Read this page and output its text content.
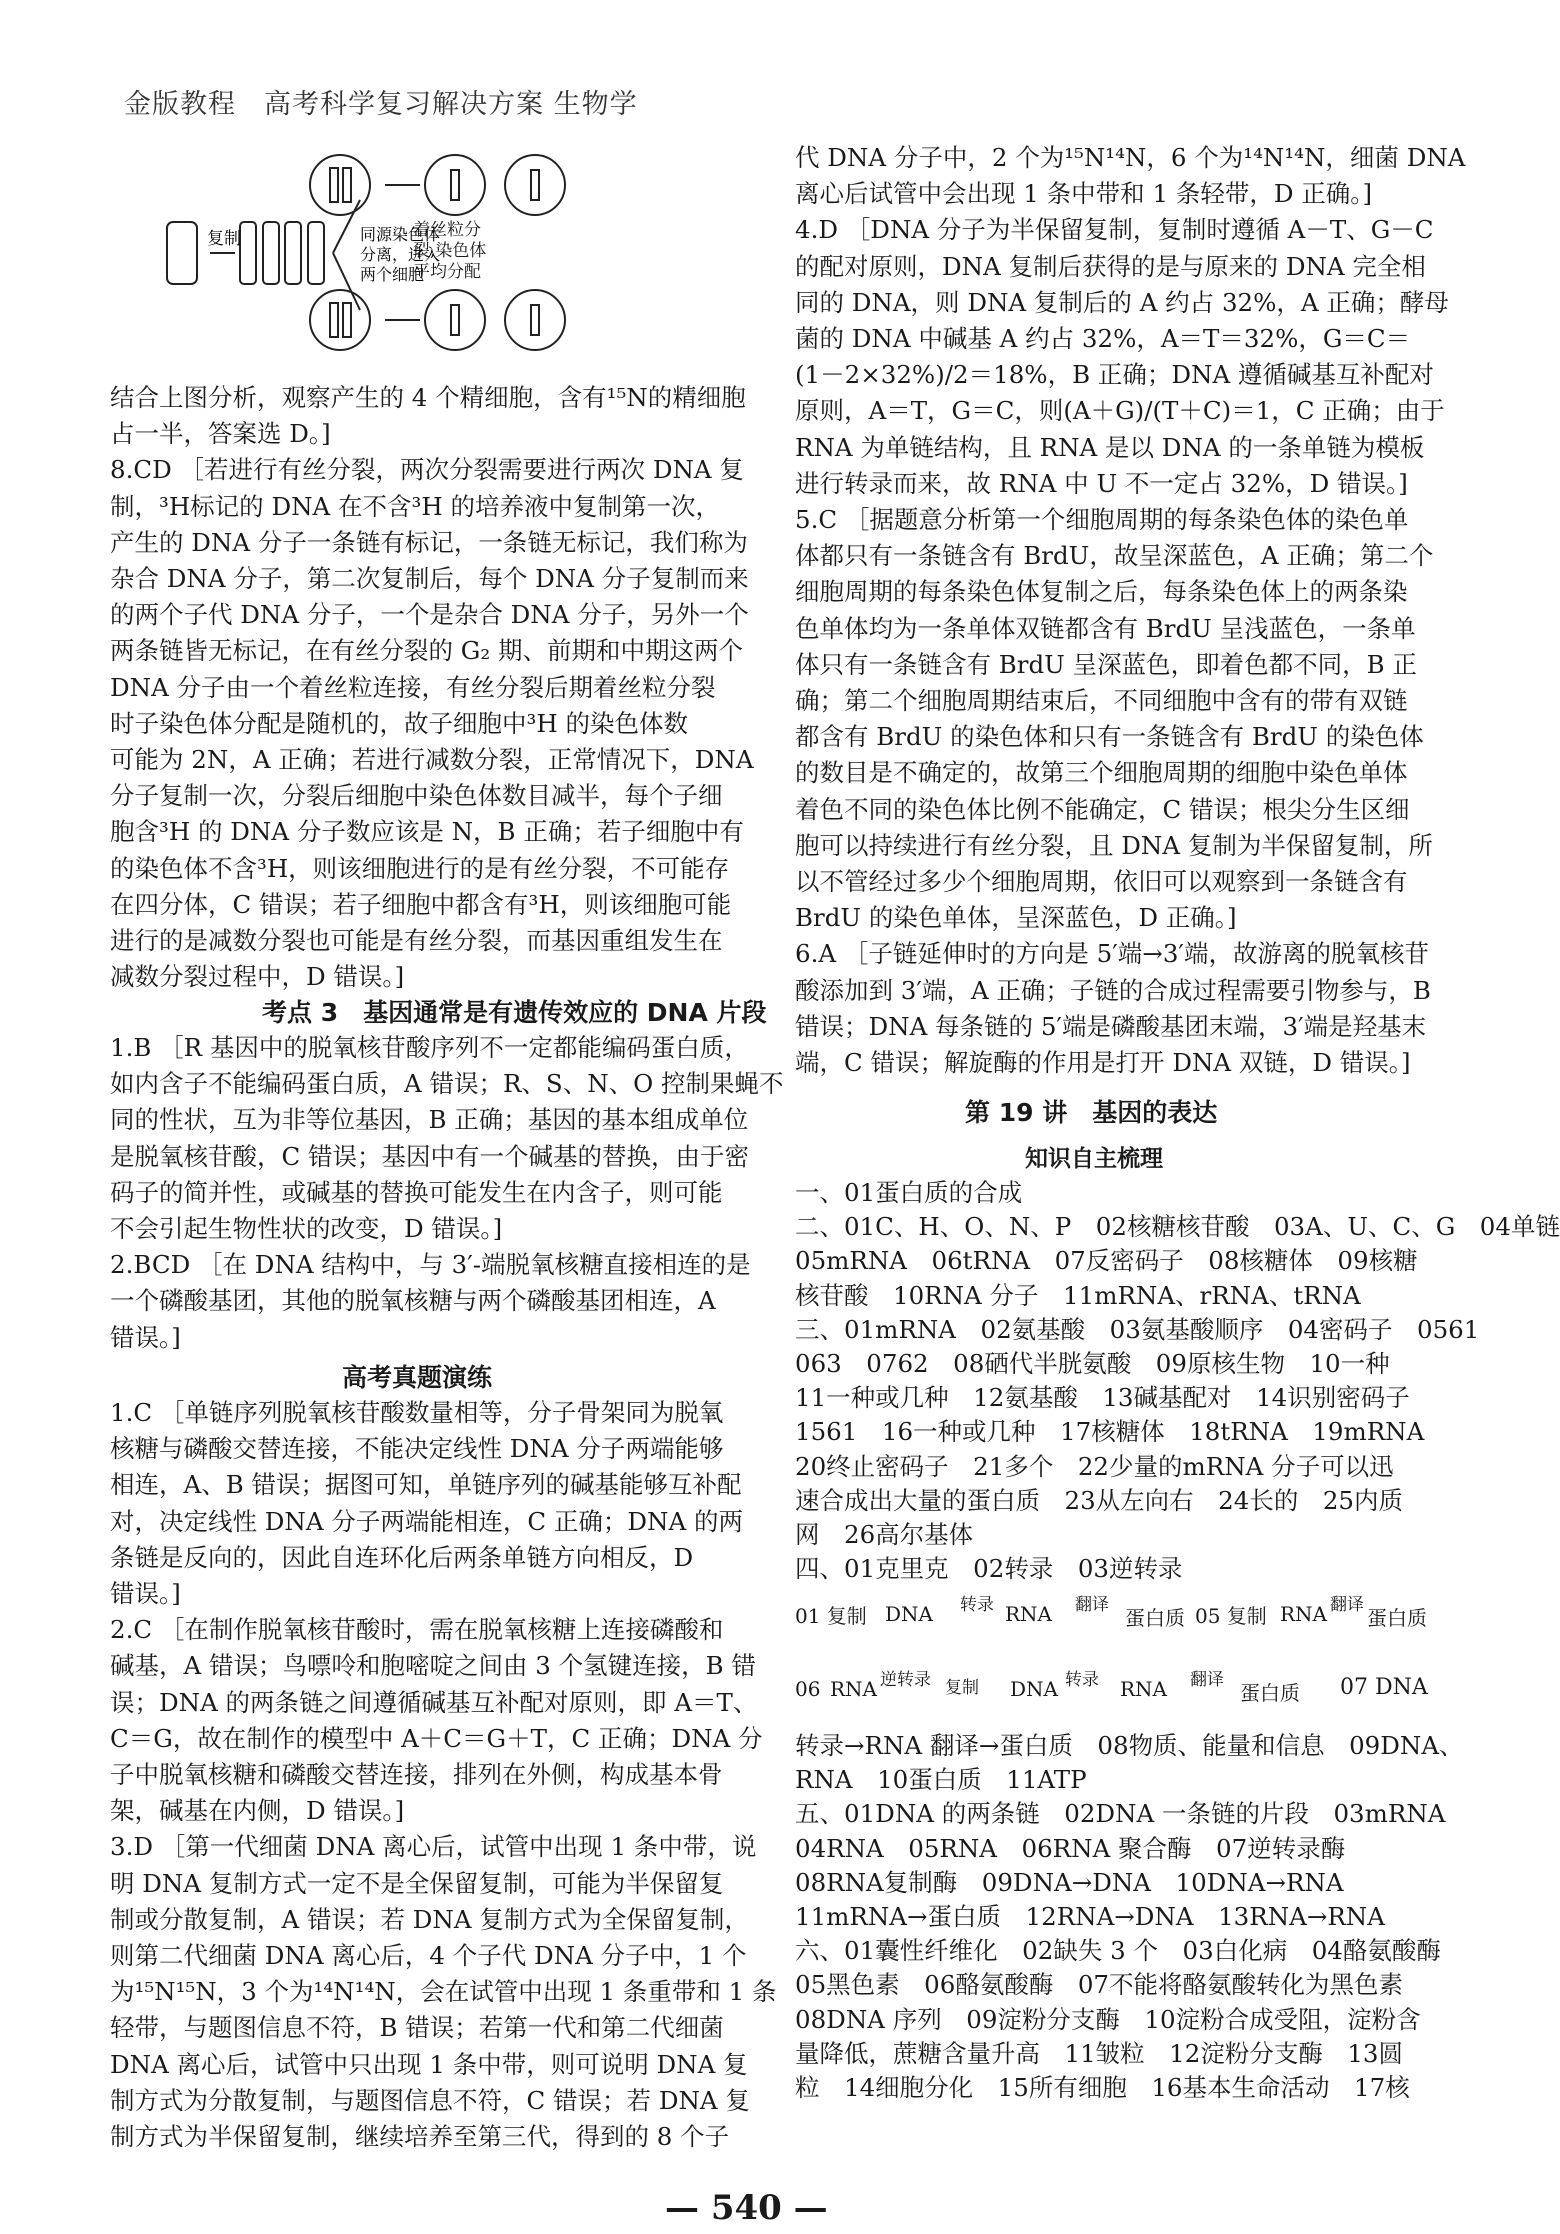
金版教程　高考科学复习解决方案 生物学
复制	同源染色体分离，进入两个细胞
着丝粒分
裂,染色体
平均分配

结合上图分析，观察产生的 4 个精细胞，含有¹⁵N的精细胞

占一半，答案选 D。]

8.CD ［若进行有丝分裂，两次分裂需要进行两次 DNA 复

制，³H标记的 DNA 在不含³H 的培养液中复制第一次，

产生的 DNA 分子一条链有标记，一条链无标记，我们称为

杂合 DNA 分子，第二次复制后，每个 DNA 分子复制而来

的两个子代 DNA 分子，一个是杂合 DNA 分子，另外一个

两条链皆无标记，在有丝分裂的 G₂ 期、前期和中期这两个

DNA 分子由一个着丝粒连接，有丝分裂后期着丝粒分裂

时子染色体分配是随机的，故子细胞中³H 的染色体数

可能为 2N，A 正确；若进行减数分裂，正常情况下，DNA

分子复制一次，分裂后细胞中染色体数目减半，每个子细

胞含³H 的 DNA 分子数应该是 N，B 正确；若子细胞中有

的染色体不含³H，则该细胞进行的是有丝分裂，不可能存

在四分体，C 错误；若子细胞中都含有³H，则该细胞可能

进行的是减数分裂也可能是有丝分裂，而基因重组发生在

减数分裂过程中，D 错误。]

考点 3　基因通常是有遗传效应的 DNA 片段

1.B ［R 基因中的脱氧核苷酸序列不一定都能编码蛋白质，

如内含子不能编码蛋白质，A 错误；R、S、N、O 控制果蝇不

同的性状，互为非等位基因，B 正确；基因的基本组成单位

是脱氧核苷酸，C 错误；基因中有一个碱基的替换，由于密

码子的简并性，或碱基的替换可能发生在内含子，则可能

不会引起生物性状的改变，D 错误。]

2.BCD ［在 DNA 结构中，与 3′-端脱氧核糖直接相连的是

一个磷酸基团，其他的脱氧核糖与两个磷酸基团相连，A

错误。]

高考真题演练

1.C ［单链序列脱氧核苷酸数量相等，分子骨架同为脱氧

核糖与磷酸交替连接，不能决定线性 DNA 分子两端能够

相连，A、B 错误；据图可知，单链序列的碱基能够互补配

对，决定线性 DNA 分子两端能相连，C 正确；DNA 的两

条链是反向的，因此自连环化后两条单链方向相反，D

错误。]

2.C ［在制作脱氧核苷酸时，需在脱氧核糖上连接磷酸和

碱基，A 错误；鸟嘌呤和胞嘧啶之间由 3 个氢键连接，B 错

误；DNA 的两条链之间遵循碱基互补配对原则，即 A＝T、

C＝G，故在制作的模型中 A＋C＝G＋T，C 正确；DNA 分

子中脱氧核糖和磷酸交替连接，排列在外侧，构成基本骨

架，碱基在内侧，D 错误。]

3.D ［第一代细菌 DNA 离心后，试管中出现 1 条中带，说

明 DNA 复制方式一定不是全保留复制，可能为半保留复

制或分散复制，A 错误；若 DNA 复制方式为全保留复制，

则第二代细菌 DNA 离心后，4 个子代 DNA 分子中，1 个

为¹⁵N¹⁵N，3 个为¹⁴N¹⁴N，会在试管中出现 1 条重带和 1 条

轻带，与题图信息不符，B 错误；若第一代和第二代细菌

DNA 离心后，试管中只出现 1 条中带，则可说明 DNA 复

制方式为分散复制，与题图信息不符，C 错误；若 DNA 复

制方式为半保留复制，继续培养至第三代，得到的 8 个子

代 DNA 分子中，2 个为¹⁵N¹⁴N，6 个为¹⁴N¹⁴N，细菌 DNA

离心后试管中会出现 1 条中带和 1 条轻带，D 正确。]

4.D ［DNA 分子为半保留复制，复制时遵循 A－T、G－C

的配对原则，DNA 复制后获得的是与原来的 DNA 完全相

同的 DNA，则 DNA 复制后的 A 约占 32%，A 正确；酵母

菌的 DNA 中碱基 A 约占 32%，A＝T＝32%，G＝C＝

(1－2×32%)/2＝18%，B 正确；DNA 遵循碱基互补配对

原则，A＝T，G＝C，则(A＋G)/(T＋C)＝1，C 正确；由于

RNA 为单链结构，且 RNA 是以 DNA 的一条单链为模板

进行转录而来，故 RNA 中 U 不一定占 32%，D 错误。]

5.C ［据题意分析第一个细胞周期的每条染色体的染色单

体都只有一条链含有 BrdU，故呈深蓝色，A 正确；第二个

细胞周期的每条染色体复制之后，每条染色体上的两条染

色单体均为一条单体双链都含有 BrdU 呈浅蓝色，一条单

体只有一条链含有 BrdU 呈深蓝色，即着色都不同，B 正

确；第二个细胞周期结束后，不同细胞中含有的带有双链

都含有 BrdU 的染色体和只有一条链含有 BrdU 的染色体

的数目是不确定的，故第三个细胞周期的细胞中染色单体

着色不同的染色体比例不能确定，C 错误；根尖分生区细

胞可以持续进行有丝分裂，且 DNA 复制为半保留复制，所

以不管经过多少个细胞周期，依旧可以观察到一条链含有

BrdU 的染色单体，呈深蓝色，D 正确。]

6.A ［子链延伸时的方向是 5′端→3′端，故游离的脱氧核苷

酸添加到 3′端，A 正确；子链的合成过程需要引物参与，B

错误；DNA 每条链的 5′端是磷酸基团末端，3′端是羟基末

端，C 错误；解旋酶的作用是打开 DNA 双链，D 错误。]

第 19 讲　基因的表达
知识自主梳理

一、01蛋白质的合成

二、01C、H、O、N、P　02核糖核苷酸　03A、U、C、G　04单链

05mRNA　06tRNA　07反密码子　08核糖体　09核糖

核苷酸　10RNA 分子　11mRNA、rRNA、tRNA

三、01mRNA　02氨基酸　03氨基酸顺序　04密码子　0561

063　0762　08硒代半胱氨酸　09原核生物　10一种

11一种或几种　12氨基酸　13碱基配对　14识别密码子

1561　16一种或几种　17核糖体　18tRNA　19mRNA

20终止密码子　21多个　22少量的mRNA 分子可以迅

速合成出大量的蛋白质　23从左向右　24长的　25内质

网　26高尔基体

四、01克里克　02转录　03逆转录

01 复制 DNA 转录 RNA 翻译
蛋白质 05 复制 RNA 翻译
蛋白质
06 RNA 逆转录 复制 DNA 转录 RNA 翻译
蛋白质 07 DNA

转录→RNA 翻译→蛋白质　08物质、能量和信息　09DNA、

RNA　10蛋白质　11ATP

五、01DNA 的两条链　02DNA 一条链的片段　03mRNA

04RNA　05RNA　06RNA 聚合酶　07逆转录酶

08RNA复制酶　09DNA→DNA　10DNA→RNA

11mRNA→蛋白质　12RNA→DNA　13RNA→RNA

六、01囊性纤维化　02缺失 3 个　03白化病　04酪氨酸酶

05黑色素　06酪氨酸酶　07不能将酪氨酸转化为黑色素

08DNA 序列　09淀粉分支酶　10淀粉合成受阻，淀粉含

量降低，蔗糖含量升高　11皱粒　12淀粉分支酶　13圆

粒　14细胞分化　15所有细胞　16基本生命活动　17核

— 540 —
